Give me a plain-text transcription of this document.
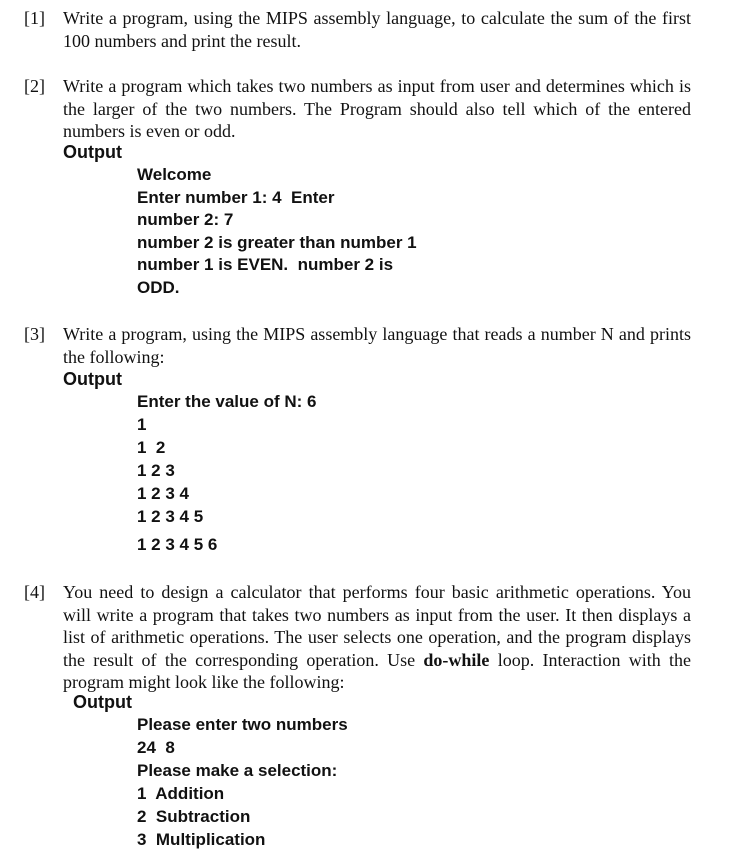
[1] Write a program, using the MIPS assembly language, to calculate the sum of the first 100 numbers and print the result.
[2] Write a program which takes two numbers as input from user and determines which is the larger of the two numbers. The Program should also tell which of the entered numbers is even or odd.
Output
Welcome
Enter number 1: 4  Enter
number 2: 7
number 2 is greater than number 1
number 1 is EVEN.  number 2 is
ODD.
[3] Write a program, using the MIPS assembly language that reads a number N and prints the following:
Output
Enter the value of N: 6
1
1  2
1 2 3
1 2 3 4
1 2 3 4 5
1 2 3 4 5 6
[4] You need to design a calculator that performs four basic arithmetic operations. You will write a program that takes two numbers as input from the user. It then displays a list of arithmetic operations. The user selects one operation, and the program displays the result of the corresponding operation. Use do-while loop. Interaction with the program might look like the following:
Output
Please enter two numbers
24  8
Please make a selection:
1  Addition
2  Subtraction
3  Multiplication
